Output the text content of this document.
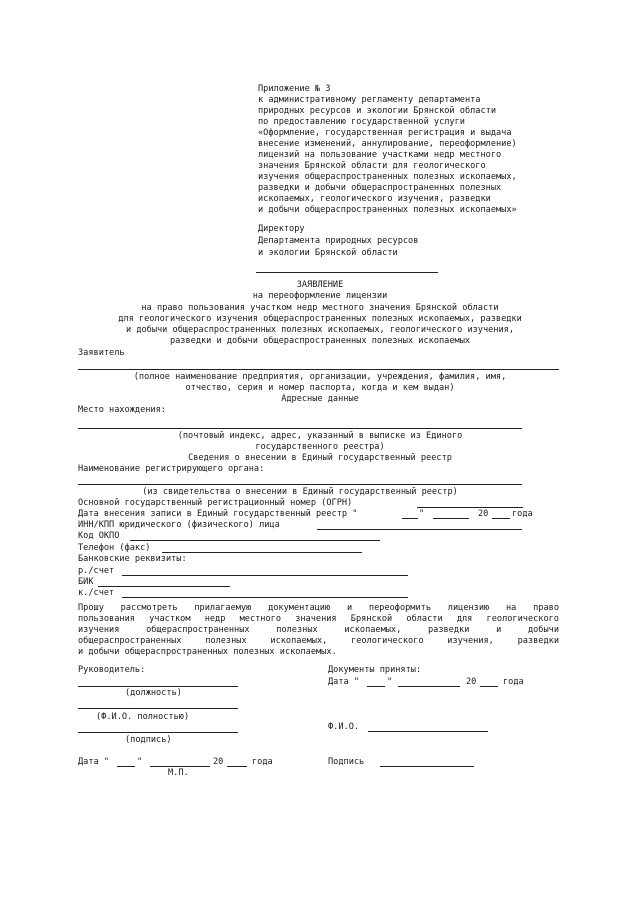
Приложение № 3
к административному регламенту департамента
природных ресурсов и экологии Брянской области
по предоставлению государственной услуги
«Оформление, государственная регистрация и выдача
внесение изменений, аннулирование, переоформление)
лицензий на пользование участками недр местного
значения Брянской области для геологического
изучения общераспространенных полезных ископаемых,
разведки и добычи общераспространенных полезных
ископаемых, геологического изучения, разведки
и добычи общераспространенных полезных ископаемых»
Директору
Департамента природных ресурсов
и экологии Брянской области
ЗАЯВЛЕНИЕ
на переоформление лицензии
на право пользования участком недр местного значения Брянской области
для геологического изучения общераспространенных полезных ископаемых, разведки
и добычи общераспространенных полезных ископаемых, геологического изучения,
разведки и добычи общераспространенных полезных ископаемых
Заявитель
(полное наименование предприятия, организации, учреждения, фамилия, имя,
отчество, серия и номер паспорта, когда и кем выдан)
Адресные данные
Место нахождения:
(почтовый индекс, адрес, указанный в выписке из Единого
государственного реестра)
Сведения о внесении в Единый государственный реестр
Наименование регистрирующего органа:
(из свидетельства о внесении в Единый государственный реестр)
Основной государственный регистрационный номер (ОГРН)
Дата внесения записи в Единый государственный реестр "	"	20	года
ИНН/КПП юридического (физического) лица
Код ОКПО
Телефон (факс)
Банковские реквизиты:
р./счет
БИК
к./счет
Прошу рассмотреть прилагаемую документацию и переоформить лицензию на право
пользования участком недр местного значения Брянской области для геологического
изучения общераспространенных полезных ископаемых, разведки и добычи
общераспространенных полезных ископаемых, геологического изучения, разведки
и добычи общераспространенных полезных ископаемых.
Руководитель:
(должность)
(Ф.И.О. полностью)
(подпись)
Дата "	"	20	года
М.П.
Документы приняты:
Дата "	"	20	года
Ф.И.О.
Подпись
